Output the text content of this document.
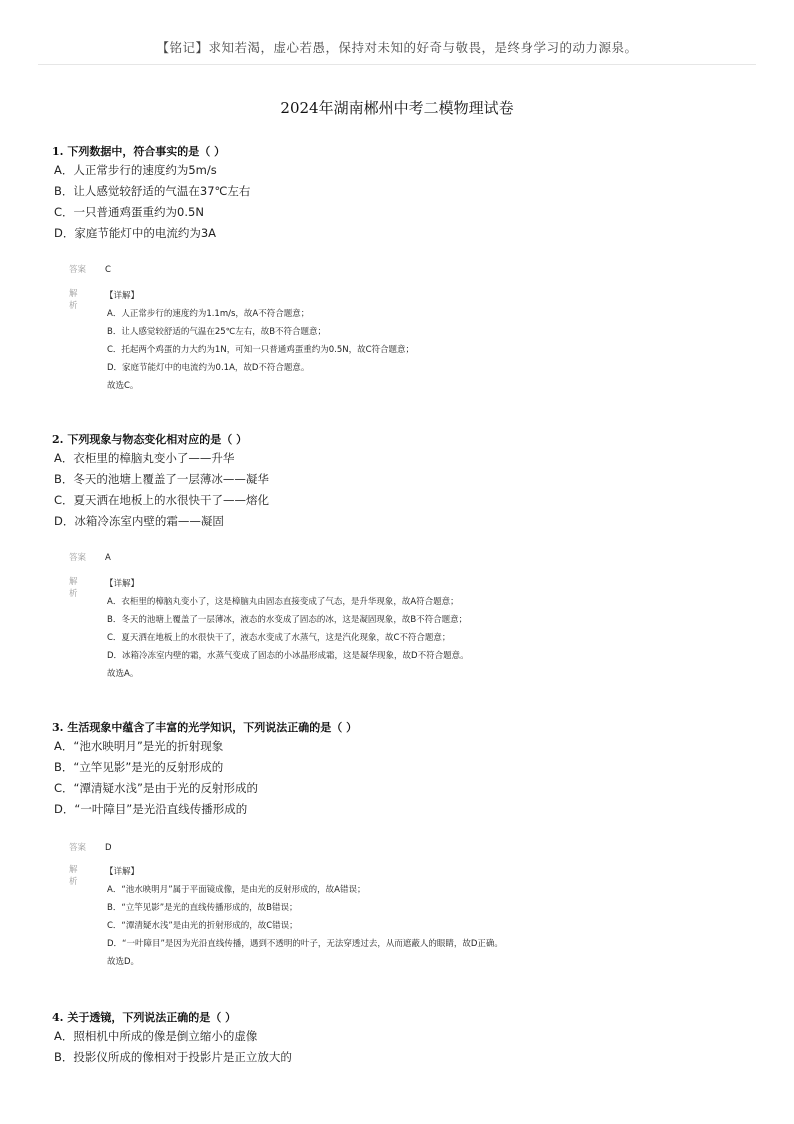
【铭记】求知若渴，虚心若愚，保持对未知的好奇与敬畏，是终身学习的动力源泉。
2024年湖南郴州中考二模物理试卷
1. 下列数据中，符合事实的是（ ）
A．人正常步行的速度约为5m/s
B．让人感觉较舒适的气温在37℃左右
C．一只普通鸡蛋重约为0.5N
D．家庭节能灯中的电流约为3A
答案 C
解析
【详解】
A．人正常步行的速度约为1.1m/s，故A不符合题意；
B．让人感觉较舒适的气温在25℃左右，故B不符合题意；
C．托起两个鸡蛋的力大约为1N，可知一只普通鸡蛋重约为0.5N，故C符合题意；
D．家庭节能灯中的电流约为0.1A，故D不符合题意。
故选C。
2. 下列现象与物态变化相对应的是（ ）
A．衣柜里的樟脑丸变小了——升华
B．冬天的池塘上覆盖了一层薄冰——凝华
C．夏天洒在地板上的水很快干了——熔化
D．冰箱冷冻室内壁的霜——凝固
答案 A
解析
【详解】
A．衣柜里的樟脑丸变小了，这是樟脑丸由固态直接变成了气态，是升华现象，故A符合题意；
B．冬天的池塘上覆盖了一层薄冰，液态的水变成了固态的冰，这是凝固现象，故B不符合题意；
C．夏天洒在地板上的水很快干了，液态水变成了水蒸气，这是汽化现象，故C不符合题意；
D．冰箱冷冻室内壁的霜，水蒸气变成了固态的小冰晶形成霜，这是凝华现象，故D不符合题意。
故选A。
3. 生活现象中蕴含了丰富的光学知识，下列说法正确的是（ ）
A．“池水映明月”是光的折射现象
B．“立竿见影”是光的反射形成的
C．“潭清疑水浅”是由于光的反射形成的
D．“一叶障目”是光沿直线传播形成的
答案 D
解析
【详解】
A．“池水映明月”属于平面镜成像，是由光的反射形成的，故A错误；
B．“立竿见影”是光的直线传播形成的，故B错误；
C．“潭清疑水浅”是由光的折射形成的，故C错误；
D．“一叶障目”是因为光沿直线传播，遇到不透明的叶子，无法穿透过去，从而遮蔽人的眼睛，故D正确。
故选D。
4. 关于透镜，下列说法正确的是（ ）
A．照相机中所成的像是倒立缩小的虚像
B．投影仪所成的像相对于投影片是正立放大的
